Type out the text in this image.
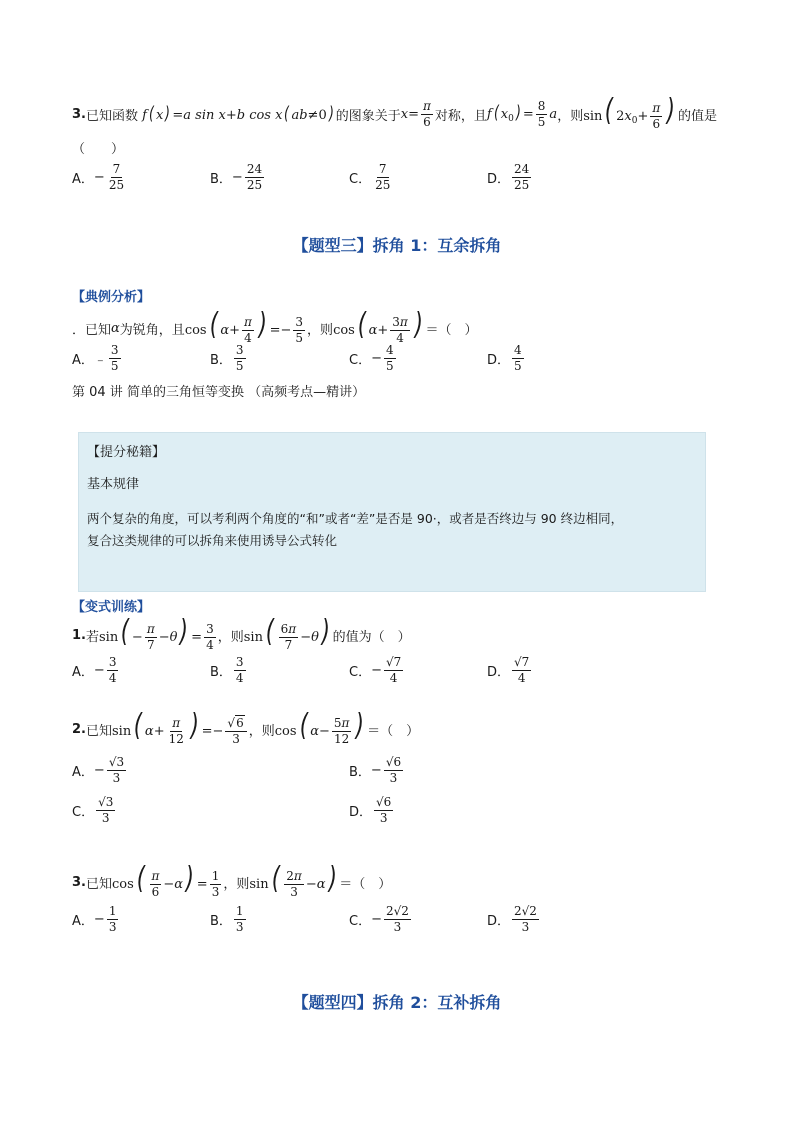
3. 已知函数 f ( x ) =a sin x+b cos x ( ab≠0 ) 的图象关于 $x= \frac{\pi}{6}$ 对称，且 f ( $x_0$ ) = $\frac{8}{5}$ a ，则 sin( $2x_0+ \frac{\pi}{6}$ ) 的值是
（　　）
A． − $\frac{7}{25}$	B． − $\frac{24}{25}$	C． $\frac{7}{25}$	D． $\frac{24}{25}$
【题型三】拆角 1：互余拆角
【典例分析】
．已知 α 为锐角，且 cos( $\alpha+ \frac{\pi}{4}$ ) =− $\frac{3}{5}$ ，则 cos( $\alpha+ \frac{3\pi}{4}$ ) ＝（　）
A． ﹣ $\frac{3}{5}$	B． $\frac{3}{5}$	C． − $\frac{4}{5}$	D． $\frac{4}{5}$
第 04 讲 简单的三角恒等变换 （高频考点—精讲）
【提分秘籍】
基本规律
两个复杂的角度，可以考利两个角度的“和”或者“差”是否是 90·，或者是否终边与 90 终边相同，
复合这类规律的可以拆角来使用诱导公式转化
【变式训练】
1. 若 $\sin( - \frac{\pi}{7} -\theta) = \frac{3}{4}$ ，则 $\sin( \frac{6\pi}{7} -\theta)$ 的值为（　）
A． − $\frac{3}{4}$	B． $\frac{3}{4}$	C． − $\frac{√7}{4}$	D． $\frac{√7}{4}$
2. 已知 sin( $\alpha+ \frac{\pi}{12}$ ) =− $\frac{√6}{3}$ ，则 cos( $\alpha- \frac{5\pi}{12}$ ) ＝（　）
A． − $\frac{√3}{3}$	B． − $\frac{√6}{3}$
C． $\frac{√3}{3}$	D． $\frac{√6}{3}$
3. 已知 $\cos( \frac{\pi}{6} -\alpha) = \frac{1}{3}$ ，则 $\sin( \frac{2\pi}{3} -\alpha)$ ＝（　）
A． − $\frac{1}{3}$	B． $\frac{1}{3}$	C． − $\frac{2√2}{3}$	D． $\frac{2√2}{3}$
【题型四】拆角 2：互补拆角
